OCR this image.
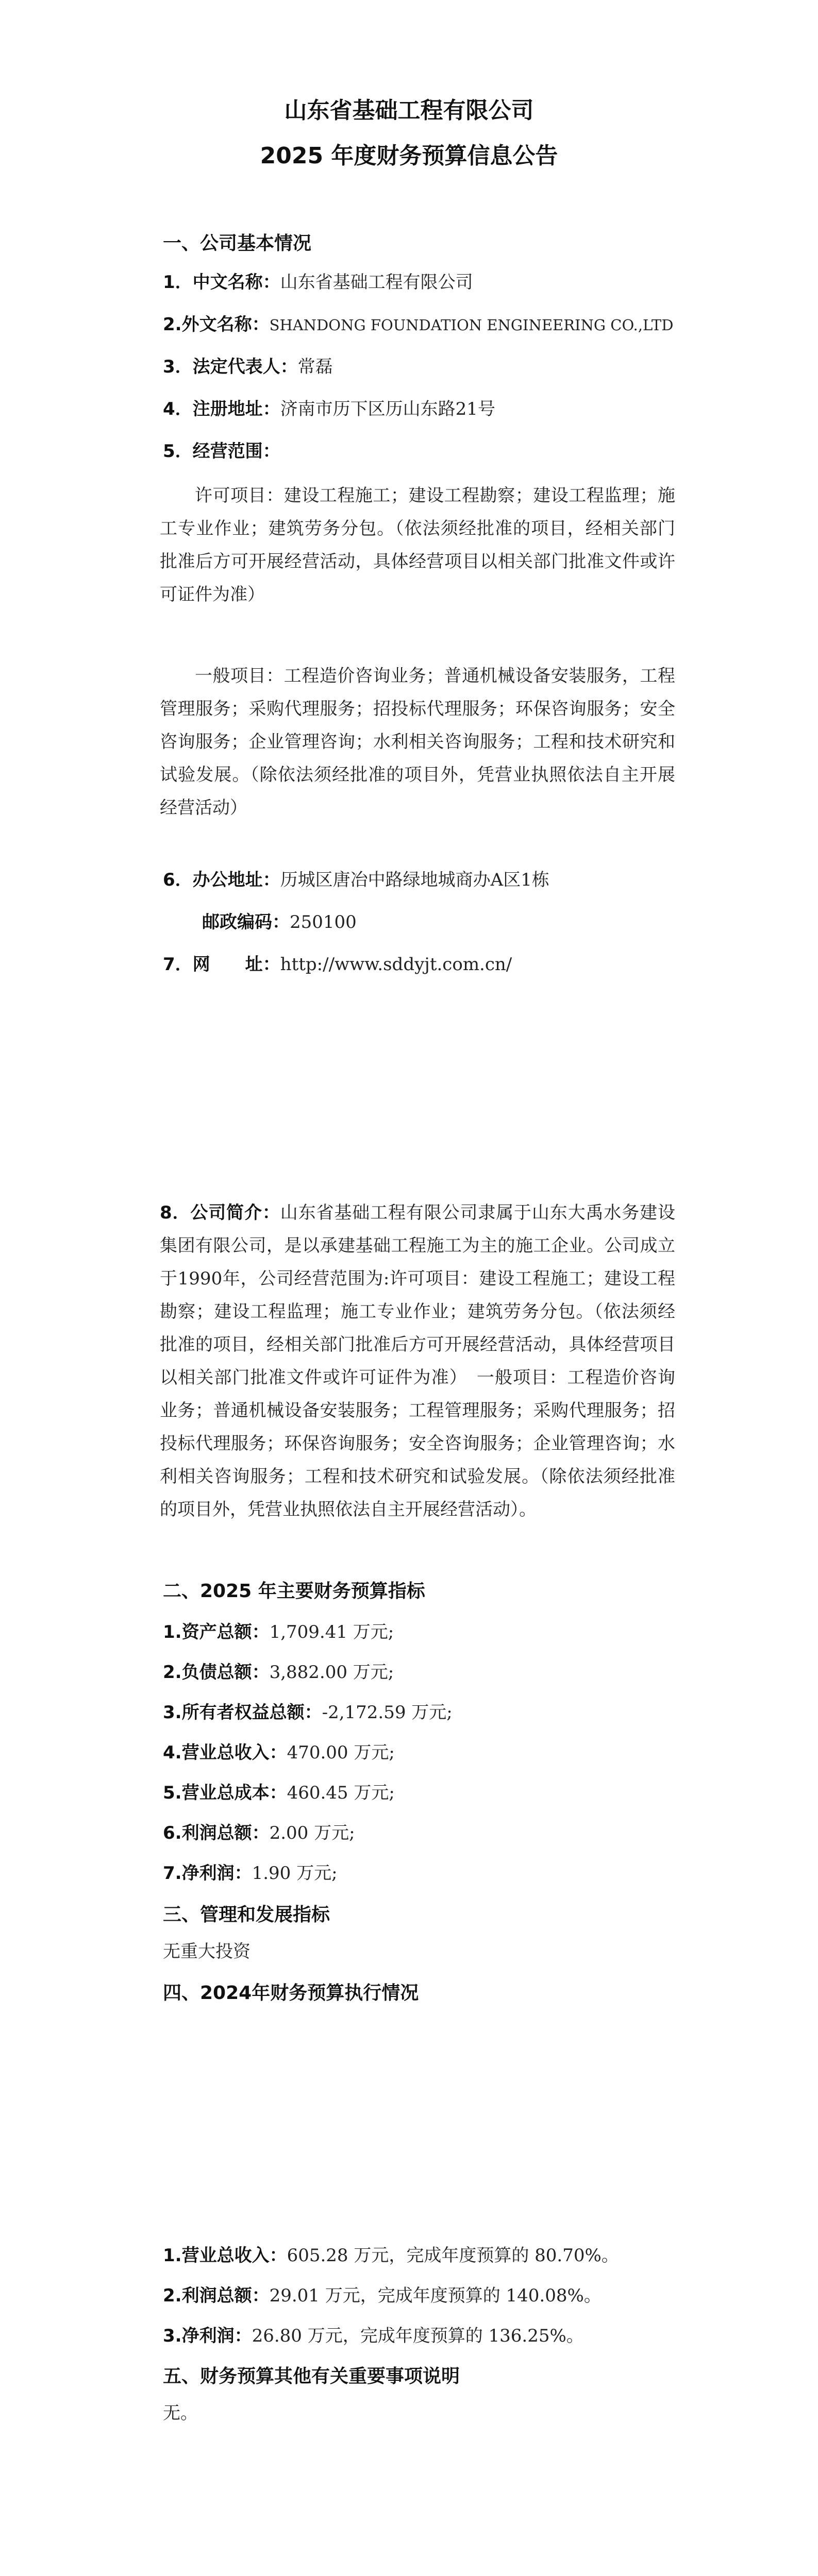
山东省基础工程有限公司
2025 年度财务预算信息公告
一、公司基本情况
1．中文名称：山东省基础工程有限公司
2.外文名称：SHANDONG FOUNDATION ENGINEERING CO.,LTD
3．法定代表人：常磊
4．注册地址：济南市历下区历山东路21号
5．经营范围：
许可项目：建设工程施工；建设工程勘察；建设工程监理；施工专业作业；建筑劳务分包。（依法须经批准的项目，经相关部门批准后方可开展经营活动，具体经营项目以相关部门批准文件或许可证件为准）
一般项目：工程造价咨询业务；普通机械设备安装服务，工程管理服务；采购代理服务；招投标代理服务；环保咨询服务；安全咨询服务；企业管理咨询；水利相关咨询服务；工程和技术研究和试验发展。（除依法须经批准的项目外，凭营业执照依法自主开展经营活动）
6．办公地址：历城区唐冶中路绿地城商办A区1栋
邮政编码：250100
7．网　　址：http://www.sddyjt.com.cn/
8．公司简介：山东省基础工程有限公司隶属于山东大禹水务建设集团有限公司，是以承建基础工程施工为主的施工企业。公司成立于1990年，公司经营范围为:许可项目：建设工程施工；建设工程勘察；建设工程监理；施工专业作业；建筑劳务分包。（依法须经批准的项目，经相关部门批准后方可开展经营活动，具体经营项目以相关部门批准文件或许可证件为准）　一般项目：工程造价咨询业务；普通机械设备安装服务；工程管理服务；采购代理服务；招投标代理服务；环保咨询服务；安全咨询服务；企业管理咨询；水利相关咨询服务；工程和技术研究和试验发展。（除依法须经批准的项目外，凭营业执照依法自主开展经营活动）。
二、2025 年主要财务预算指标
1.资产总额：1,709.41 万元;
2.负债总额：3,882.00 万元;
3.所有者权益总额：-2,172.59 万元;
4.营业总收入：470.00 万元;
5.营业总成本：460.45 万元;
6.利润总额：2.00 万元;
7.净利润：1.90 万元;
三、管理和发展指标
无重大投资
四、2024年财务预算执行情况
1.营业总收入：605.28 万元，完成年度预算的 80.70%。
2.利润总额：29.01 万元，完成年度预算的 140.08%。
3.净利润：26.80 万元，完成年度预算的 136.25%。
五、财务预算其他有关重要事项说明
无。
